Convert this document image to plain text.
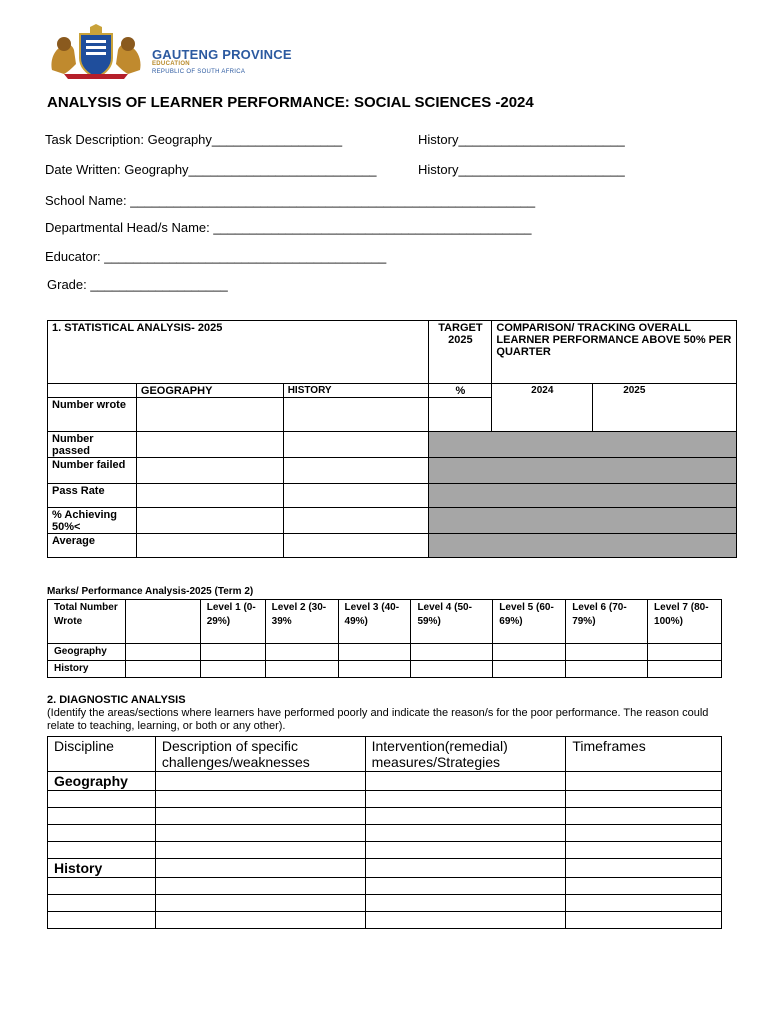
GAUTENG PROVINCE
EDUCATION
REPUBLIC OF SOUTH AFRICA
ANALYSIS OF LEARNER PERFORMANCE: SOCIAL SCIENCES -2024
Task Description: Geography__________________	History_______________________
Date Written: Geography__________________________	History_______________________
School Name: ________________________________________________________
Departmental Head/s Name: ____________________________________________
Educator: _______________________________________
Grade: ___________________
1. STATISTICAL ANALYSIS- 2025			TARGET 2025	COMPARISON/ TRACKING OVERALL LEARNER PERFORMANCE ABOVE 50% PER QUARTER	
	GEOGRAPHY	HISTORY	%	2024	2025
Number wrote					
Number passed					
Number failed					
Pass Rate					
% Achieving 50%<					
Average					
Marks/ Performance Analysis-2025 (Term 2)
Total Number Wrote		Level 1 (0-29%)	Level 2 (30-39%	Level 3 (40-49%)	Level 4 (50-59%)	Level 5 (60-69%)	Level 6 (70-79%)	Level 7 (80-100%)
Geography								
History								
2. DIAGNOSTIC ANALYSIS
(Identify the areas/sections where learners have performed poorly and indicate the reason/s for the poor performance. The reason could relate to teaching, learning, or both or any other).
Discipline	Description of specific challenges/weaknesses	Intervention(remedial) measures/Strategies	Timeframes
Geography			

History			
